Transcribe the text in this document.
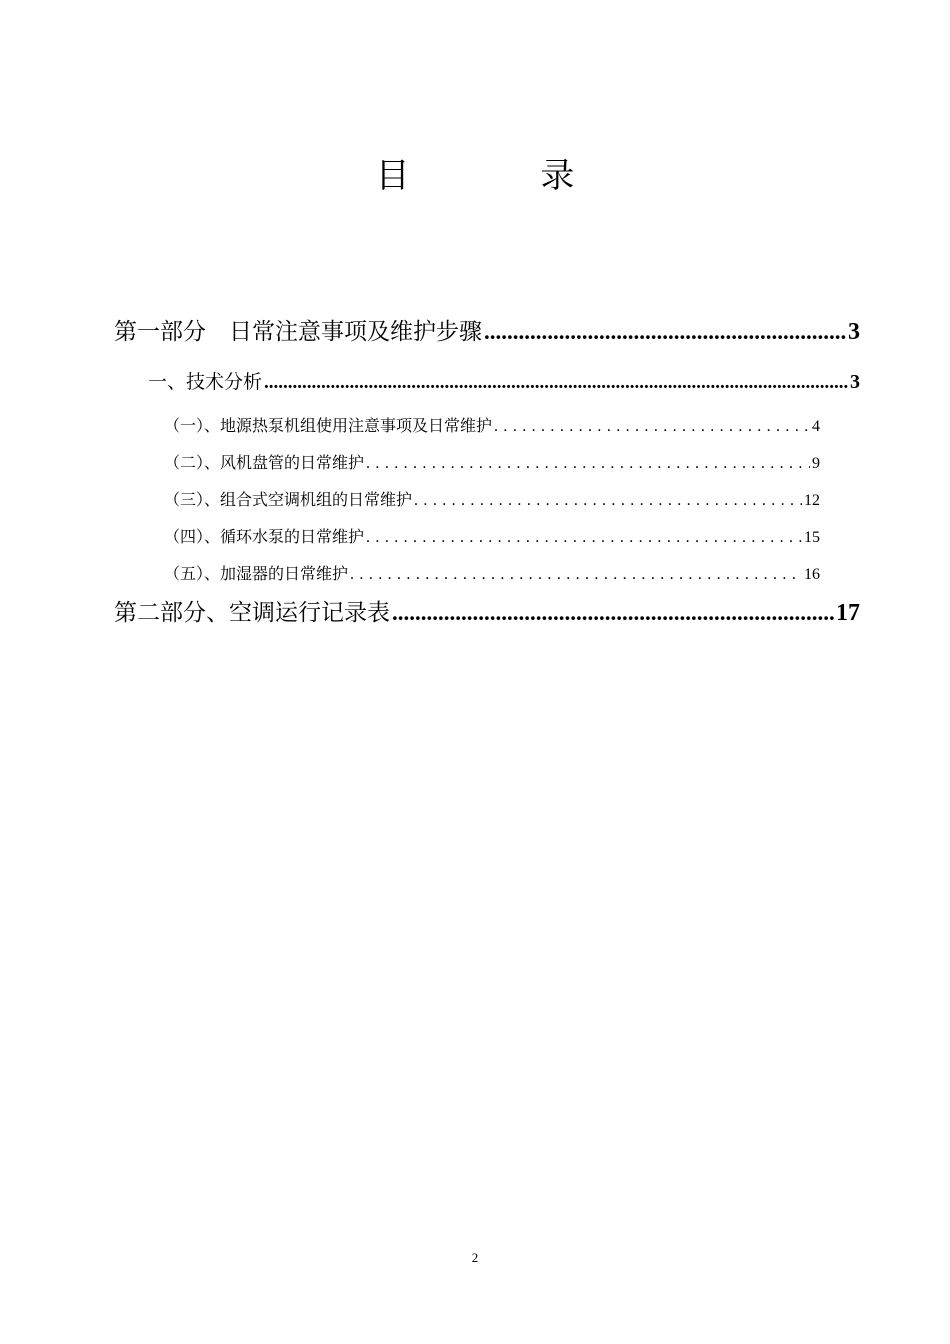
目 录
第一部分　日常注意事项及维护步骤 .....	3
一、技术分析 .....	3
（一）、地源热泵机组使用注意事项及日常维护 .....	4
（二）、风机盘管的日常维护 .....	9
（三）、组合式空调机组的日常维护 .....	12
（四）、循环水泵的日常维护 .....	15
（五）、加湿器的日常维护 .....	16
第二部分、空调运行记录表 .....	17
2
